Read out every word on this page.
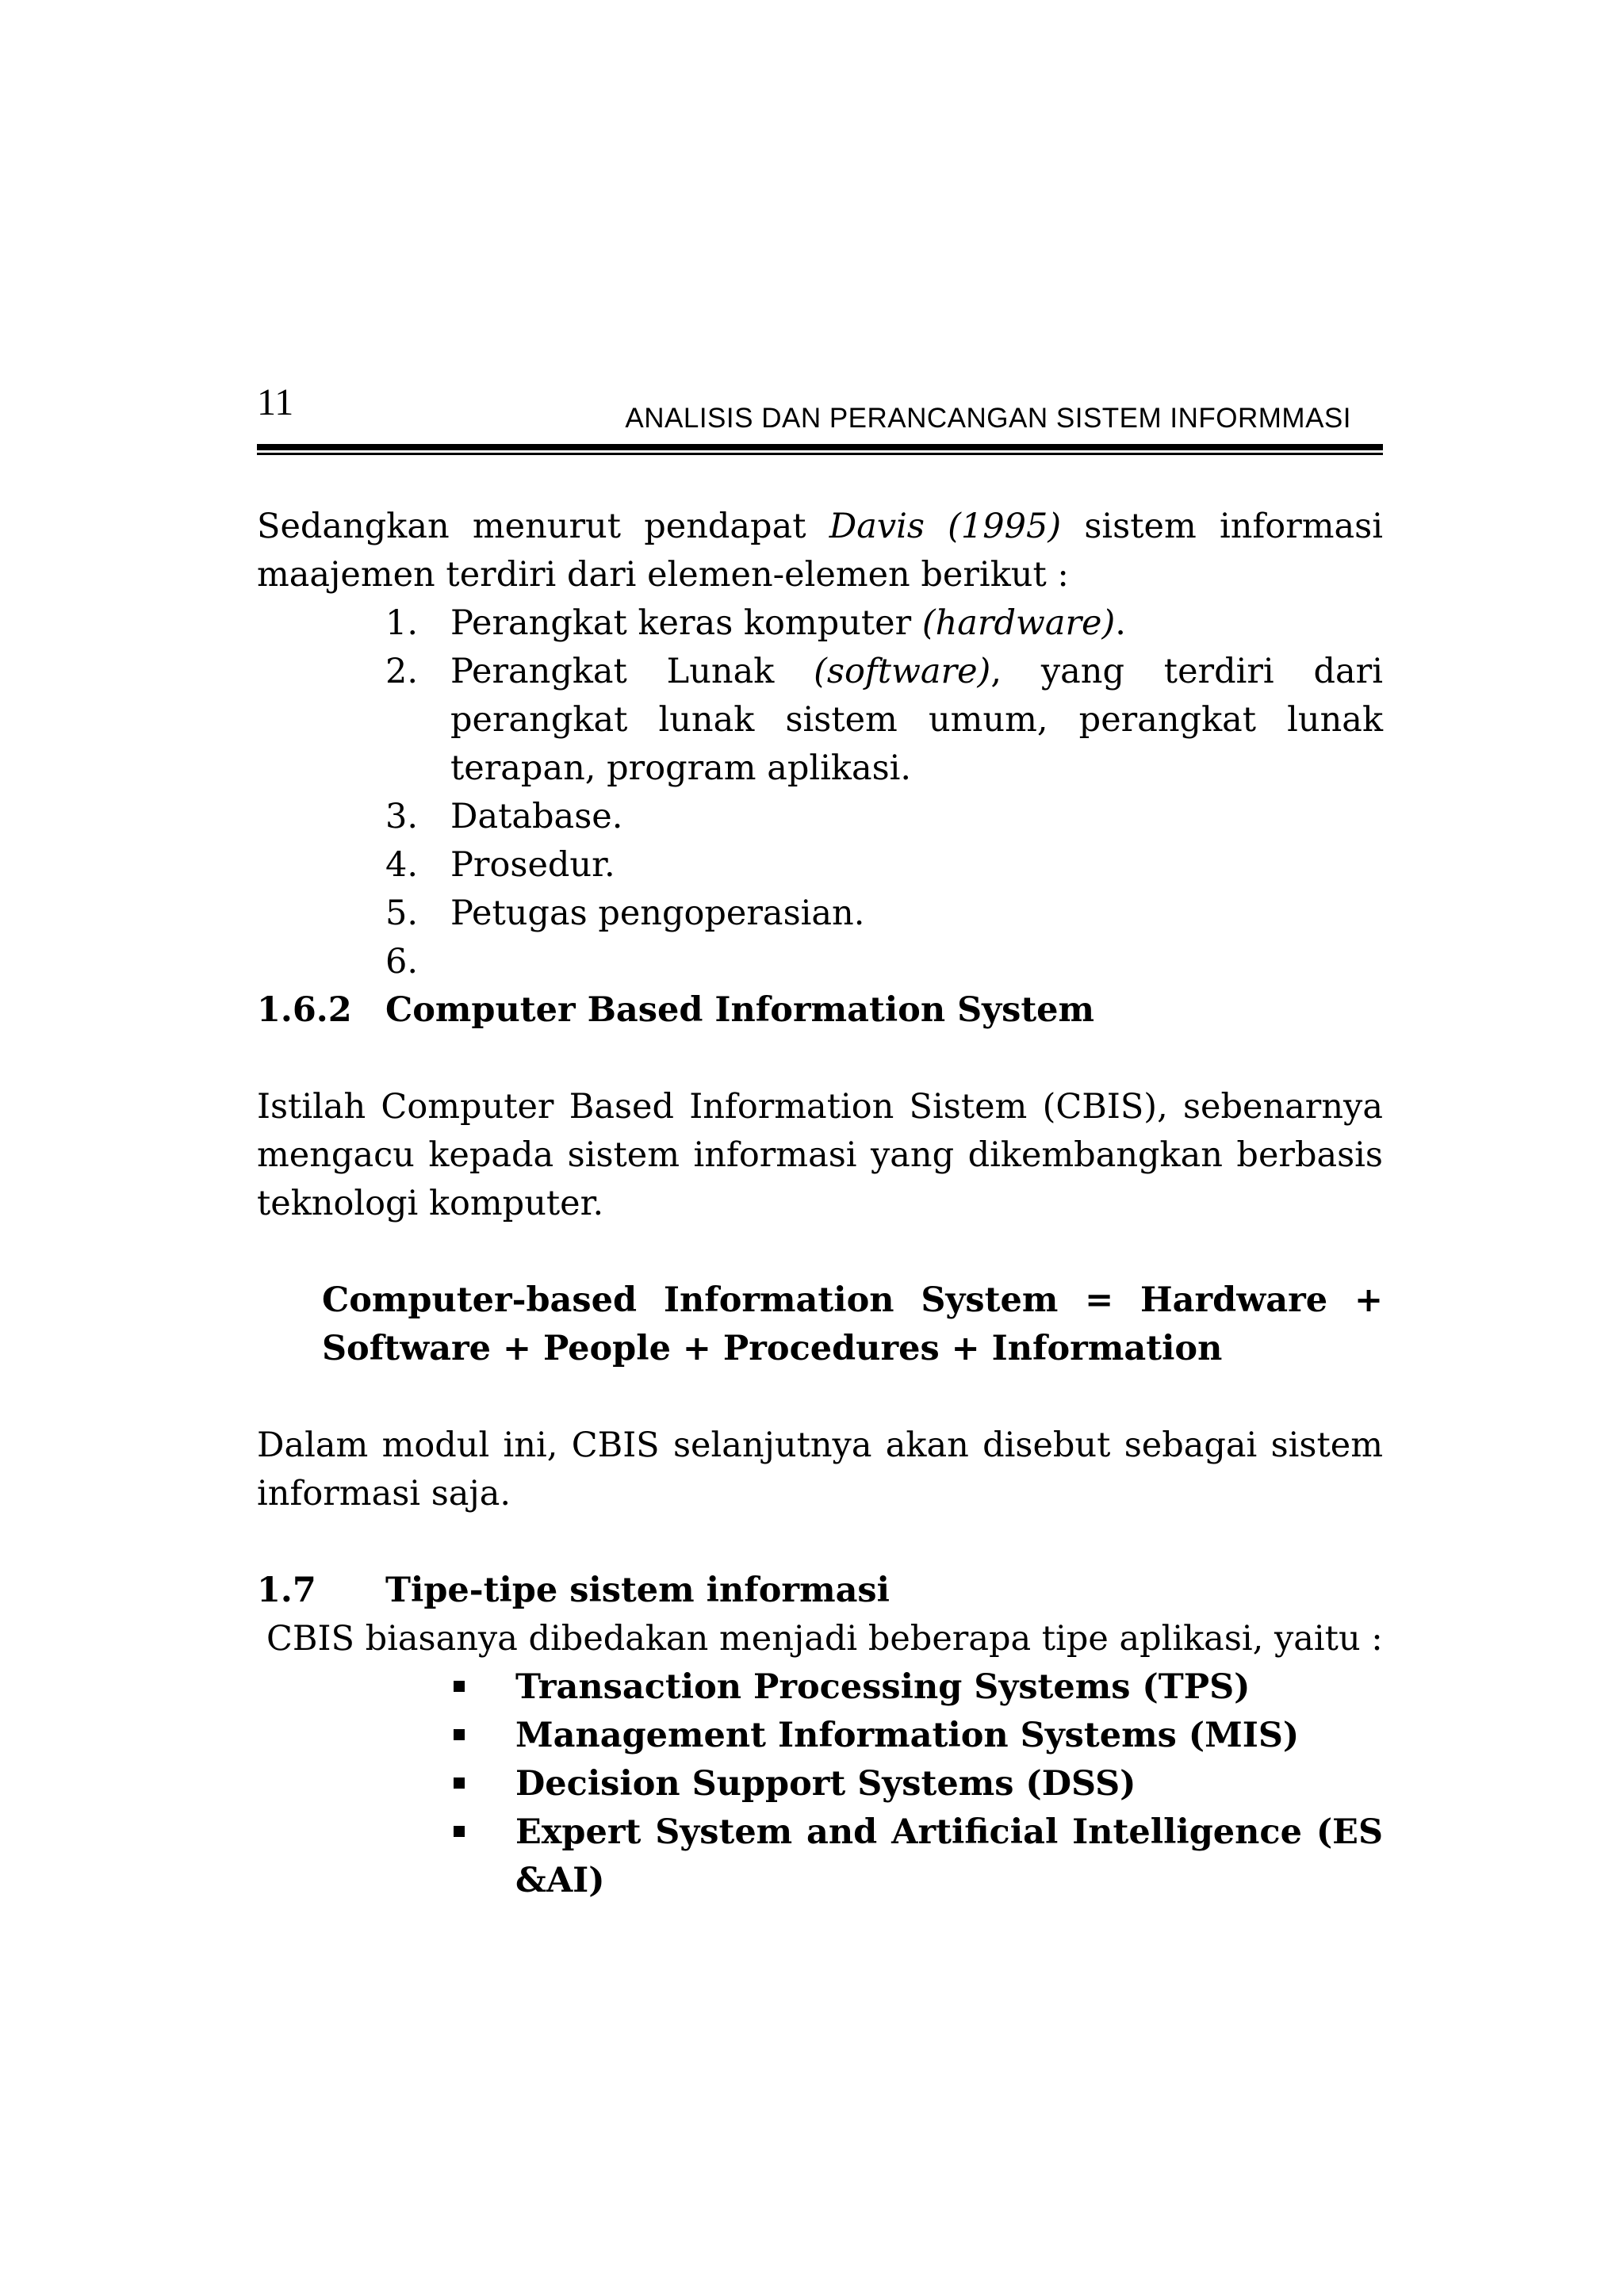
11	ANALISIS DAN PERANCANGAN SISTEM INFORMMASI

Sedangkan menurut pendapat Davis (1995) sistem informasi maajemen terdiri dari elemen-elemen berikut :

1. Perangkat keras komputer (hardware).
2. Perangkat Lunak (software), yang terdiri dari perangkat lunak sistem umum, perangkat lunak terapan, program aplikasi.
3. Database.
4. Prosedur.
5. Petugas pengoperasian.
6.

1.6.2 Computer Based Information System

Istilah Computer Based Information Sistem (CBIS), sebenarnya mengacu kepada sistem informasi yang dikembangkan berbasis teknologi komputer.

Computer-based Information System = Hardware + Software + People + Procedures + Information

Dalam modul ini, CBIS selanjutnya akan disebut sebagai sistem informasi saja.

1.7	Tipe-tipe sistem informasi

CBIS biasanya dibedakan menjadi beberapa tipe aplikasi, yaitu :

Transaction Processing Systems (TPS)
Management Information Systems (MIS)
Decision Support Systems (DSS)
Expert System and Artificial Intelligence (ES &AI)
